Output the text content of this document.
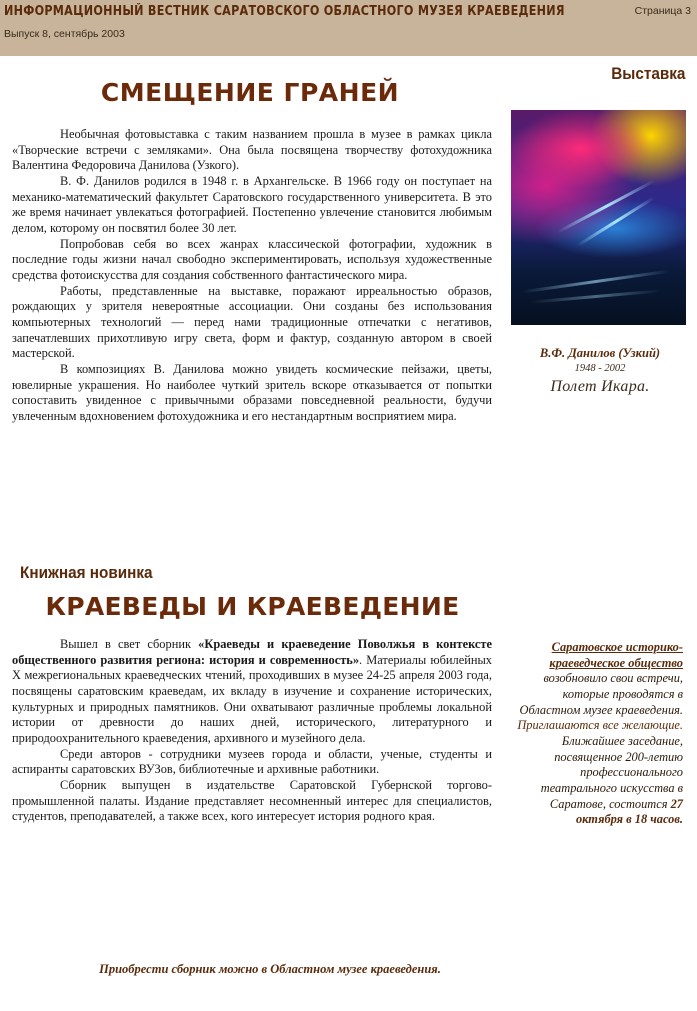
ИНФОРМАЦИОННЫЙ ВЕСТНИК САРАТОВСКОГО ОБЛАСТНОГО МУЗЕЯ КРАЕВЕДЕНИЯ
Выпуск 8, сентябрь 2003
Страница 3
Выставка
СМЕЩЕНИЕ ГРАНЕЙ

Необычная фотовыставка с таким названием прошла в музее в рамках цикла «Творческие встречи с земляками». Она была посвящена творчеству фотохудожника Валентина Федоровича Данилова (Узкого).

В. Ф. Данилов родился в 1948 г. в Архангельске. В 1966 году он поступает на механико-математический факультет Саратовского государственного университета. В это же время начинает увлекаться фотографией. Постепенно увлечение становится любимым делом, которому он посвятил более 30 лет.

Попробовав себя во всех жанрах классической фотографии, художник в последние годы жизни начал свободно экспериментировать, используя художественные средства фотоискусства для создания собственного фантастического мира.

Работы, представленные на выставке, поражают ирреальностью образов, рождающих у зрителя невероятные ассоциации. Они созданы без использования компьютерных технологий — перед нами традиционные отпечатки с негативов, запечатлевших прихотливую игру света, форм и фактур, созданную автором в своей мастерской.

В композициях В. Данилова можно увидеть космические пейзажи, цветы, ювелирные украшения. Но наиболее чуткий зритель вскоре отказывается от попытки сопоставить увиденное с привычными образами повседневной реальности, будучи увлеченным вдохновением фотохудожника и его нестандартным восприятием мира.

В.Ф. Данилов (Узкий)
1948 - 2002
Полет Икара.
Книжная новинка
КРАЕВЕДЫ И КРАЕВЕДЕНИЕ

Вышел в свет сборник «Краеведы и краеведение Поволжья в контексте общественного развития региона: история и современность». Материалы юбилейных Х межрегиональных краеведческих чтений, проходивших в музее 24-25 апреля 2003 года, посвящены саратовским краеведам, их вкладу в изучение и сохранение исторических, культурных и природных памятников. Они охватывают различные проблемы локальной истории от древности до наших дней, исторического, литературного и природоохранительного краеведения, архивного и музейного дела.

Среди авторов - сотрудники музеев города и области, ученые, студенты и аспиранты саратовских ВУЗов, библиотечные и архивные работники.

Сборник выпущен в издательстве Саратовской Губернской торгово-промышленной палаты. Издание представляет несомненный интерес для специалистов, студентов, преподавателей, а также всех, кого интересует история родного края.

Саратовское историко-краеведческое общество возобновило свои встречи, которые проводятся в Областном музее краеведения.
Приглашаются все желающие.
Ближайшее заседание, посвященное 200-летию профессионального театрального искусства в Саратове, состоится 27 октября в 18 часов.
Приобрести сборник можно в Областном музее краеведения.
